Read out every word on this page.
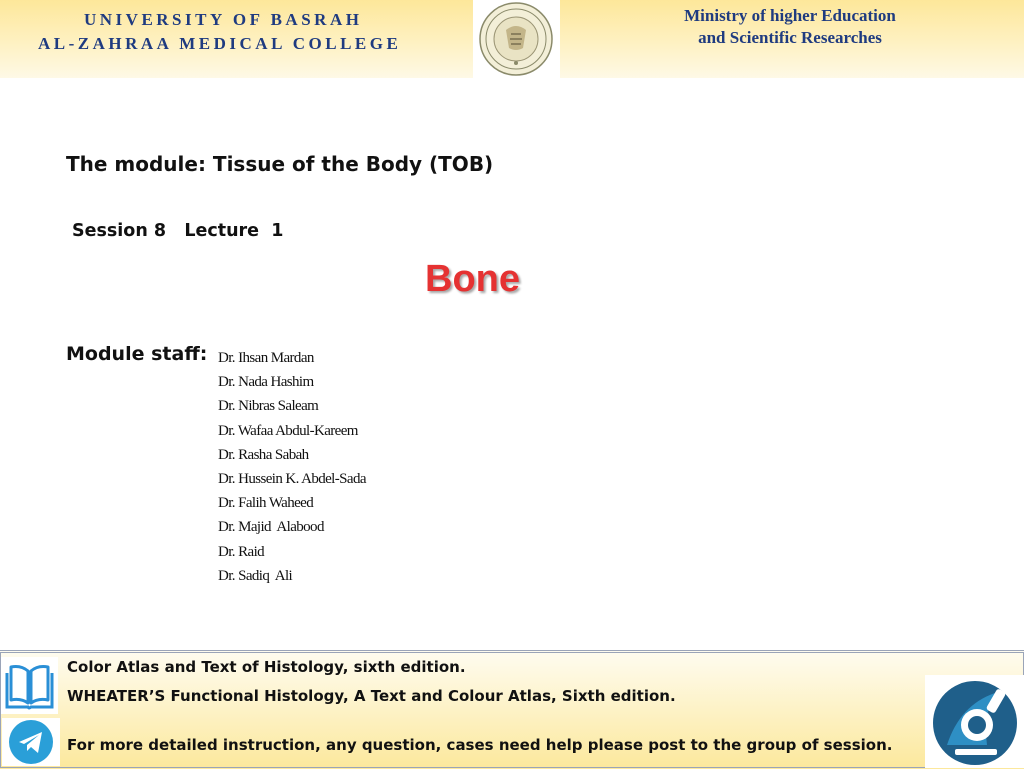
UNIVERSITY OF BASRAH
AL-ZAHRAA MEDICAL COLLEGE
Ministry of higher Education
and Scientific Researches
The module: Tissue of the Body (TOB)
Session 8   Lecture  1
Bone
Module staff: Dr. Ihsan Mardan
Dr. Nada Hashim
Dr. Nibras Saleam
Dr. Wafaa Abdul-Kareem
Dr. Rasha Sabah
Dr. Hussein K. Abdel-Sada
Dr. Falih Waheed
Dr. Majid  Alabood
Dr. Raid
Dr. Sadiq  Ali
Color Atlas and Text of Histology, sixth edition.
WHEATER’S Functional Histology, A Text and Colour Atlas, Sixth edition.
For more detailed instruction, any question, cases need help please post to the group of session.
